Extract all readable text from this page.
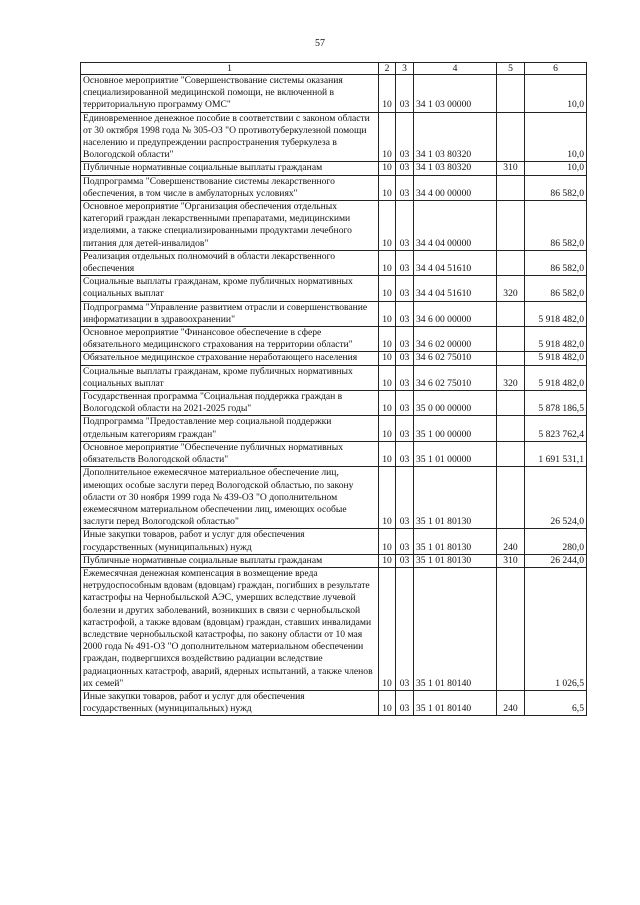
57
1	2	3	4	5	6
Основное мероприятие "Совершенствование системы оказания специализированной медицинской помощи, не включенной в территориальную программу ОМС"	10	03	34 1 03 00000		10,0
Единовременное денежное пособие в соответствии с законом области от 30 октября 1998 года № 305-ОЗ "О противотуберкулезной помощи населению и предупреждении распространения туберкулеза в Вологодской области"	10	03	34 1 03 80320		10,0
Публичные нормативные социальные выплаты гражданам	10	03	34 1 03 80320	310	10,0
Подпрограмма "Совершенствование системы лекарственного обеспечения, в том числе в амбулаторных условиях"	10	03	34 4 00 00000		86 582,0
Основное мероприятие "Организация обеспечения отдельных категорий граждан лекарственными препаратами, медицинскими изделиями, а также специализированными продуктами лечебного питания для детей-инвалидов"	10	03	34 4 04 00000		86 582,0
Реализация отдельных полномочий в области лекарственного обеспечения	10	03	34 4 04 51610		86 582,0
Социальные выплаты гражданам, кроме публичных нормативных социальных выплат	10	03	34 4 04 51610	320	86 582,0
Подпрограмма "Управление развитием отрасли и совершенствование информатизации в здравоохранении"	10	03	34 6 00 00000		5 918 482,0
Основное мероприятие "Финансовое обеспечение в сфере обязательного медицинского страхования на территории области"	10	03	34 6 02 00000		5 918 482,0
Обязательное медицинское страхование неработающего населения	10	03	34 6 02 75010		5 918 482,0
Социальные выплаты гражданам, кроме публичных нормативных социальных выплат	10	03	34 6 02 75010	320	5 918 482,0
Государственная программа "Социальная поддержка граждан в Вологодской области на 2021-2025 годы"	10	03	35 0 00 00000		5 878 186,5
Подпрограмма "Предоставление мер социальной поддержки отдельным категориям граждан"	10	03	35 1 00 00000		5 823 762,4
Основное мероприятие "Обеспечение публичных нормативных обязательств Вологодской области"	10	03	35 1 01 00000		1 691 531,1
Дополнительное ежемесячное материальное обеспечение лиц, имеющих особые заслуги перед Вологодской областью, по закону области от 30 ноября 1999 года № 439-ОЗ "О дополнительном ежемесячном материальном обеспечении лиц, имеющих особые заслуги перед Вологодской областью"	10	03	35 1 01 80130		26 524,0
Иные закупки товаров, работ и услуг для обеспечения государственных (муниципальных) нужд	10	03	35 1 01 80130	240	280,0
Публичные нормативные социальные выплаты гражданам	10	03	35 1 01 80130	310	26 244,0
Ежемесячная денежная компенсация в возмещение вреда нетрудоспособным вдовам (вдовцам) граждан, погибших в результате катастрофы на Чернобыльской АЭС, умерших вследствие лучевой болезни и других заболеваний, возникших в связи с чернобыльской катастрофой, а также вдовам (вдовцам) граждан, ставших инвалидами вследствие чернобыльской катастрофы, по закону области от 10 мая 2000 года № 491-ОЗ "О дополнительном материальном обеспечении граждан, подвергшихся воздействию радиации вследствие радиационных катастроф, аварий, ядерных испытаний, а также членов их семей"	10	03	35 1 01 80140		1 026,5
Иные закупки товаров, работ и услуг для обеспечения государственных (муниципальных) нужд	10	03	35 1 01 80140	240	6,5
